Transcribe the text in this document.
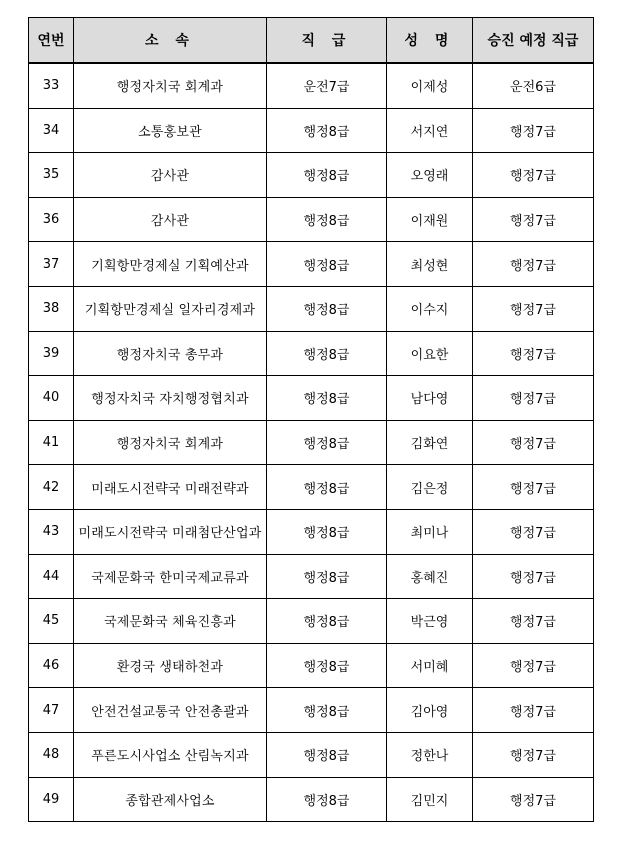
연번	소 속	직 급	성 명	승진 예정 직급
33	행정자치국 회계과	운전7급	이제성	운전6급
34	소통홍보관	행정8급	서지연	행정7급
35	감사관	행정8급	오영래	행정7급
36	감사관	행정8급	이재원	행정7급
37	기획항만경제실 기획예산과	행정8급	최성현	행정7급
38	기획항만경제실 일자리경제과	행정8급	이수지	행정7급
39	행정자치국 총무과	행정8급	이요한	행정7급
40	행정자치국 자치행정협치과	행정8급	남다영	행정7급
41	행정자치국 회계과	행정8급	김화연	행정7급
42	미래도시전략국 미래전략과	행정8급	김은정	행정7급
43	미래도시전략국 미래첨단산업과	행정8급	최미나	행정7급
44	국제문화국 한미국제교류과	행정8급	홍혜진	행정7급
45	국제문화국 체육진흥과	행정8급	박근영	행정7급
46	환경국 생태하천과	행정8급	서미혜	행정7급
47	안전건설교통국 안전총괄과	행정8급	김아영	행정7급
48	푸른도시사업소 산림녹지과	행정8급	정한나	행정7급
49	종합관제사업소	행정8급	김민지	행정7급
